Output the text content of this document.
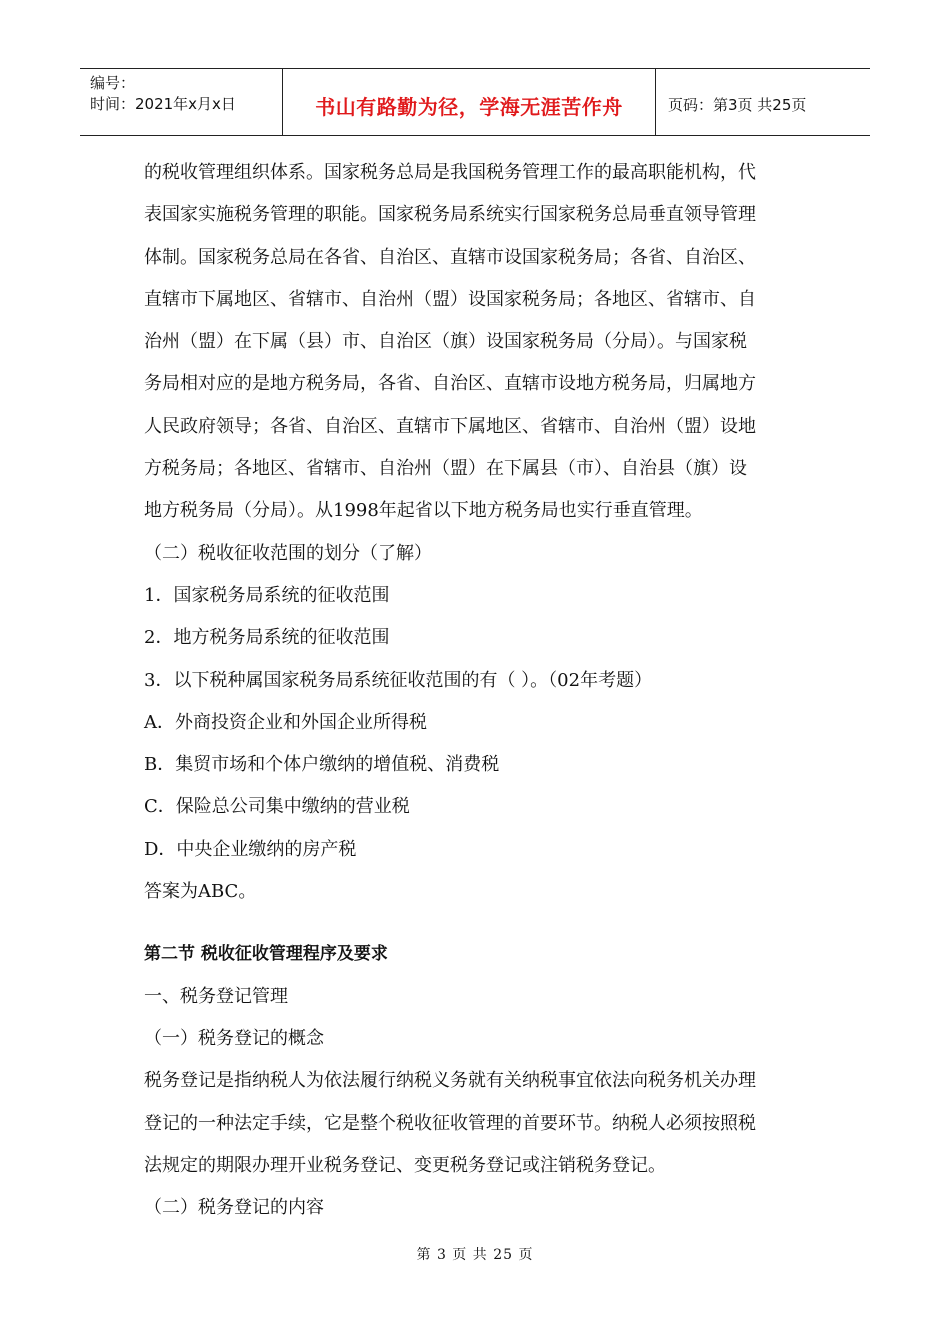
编号：
时间：2021年x月x日	书山有路勤为径，学海无涯苦作舟	页码：第3页 共25页

的税收管理组织体系。国家税务总局是我国税务管理工作的最高职能机构，代

表国家实施税务管理的职能。国家税务局系统实行国家税务总局垂直领导管理

体制。国家税务总局在各省、自治区、直辖市设国家税务局；各省、自治区、

直辖市下属地区、省辖市、自治州（盟）设国家税务局；各地区、省辖市、自

治州（盟）在下属（县）市、自治区（旗）设国家税务局（分局）。与国家税

务局相对应的是地方税务局，各省、自治区、直辖市设地方税务局，归属地方

人民政府领导；各省、自治区、直辖市下属地区、省辖市、自治州（盟）设地

方税务局；各地区、省辖市、自治州（盟）在下属县（市）、自治县（旗）设

地方税务局（分局）。从1998年起省以下地方税务局也实行垂直管理。

（二）税收征收范围的划分（了解）

1．国家税务局系统的征收范围

2．地方税务局系统的征收范围

3．以下税种属国家税务局系统征收范围的有（ ）。（02年考题）

A．外商投资企业和外国企业所得税

B．集贸市场和个体户缴纳的增值税、消费税

C．保险总公司集中缴纳的营业税

D．中央企业缴纳的房产税

答案为ABC。

第二节 税收征收管理程序及要求

一、税务登记管理

（一）税务登记的概念

税务登记是指纳税人为依法履行纳税义务就有关纳税事宜依法向税务机关办理

登记的一种法定手续，它是整个税收征收管理的首要环节。纳税人必须按照税

法规定的期限办理开业税务登记、变更税务登记或注销税务登记。

（二）税务登记的内容

第 3 页 共 25 页
